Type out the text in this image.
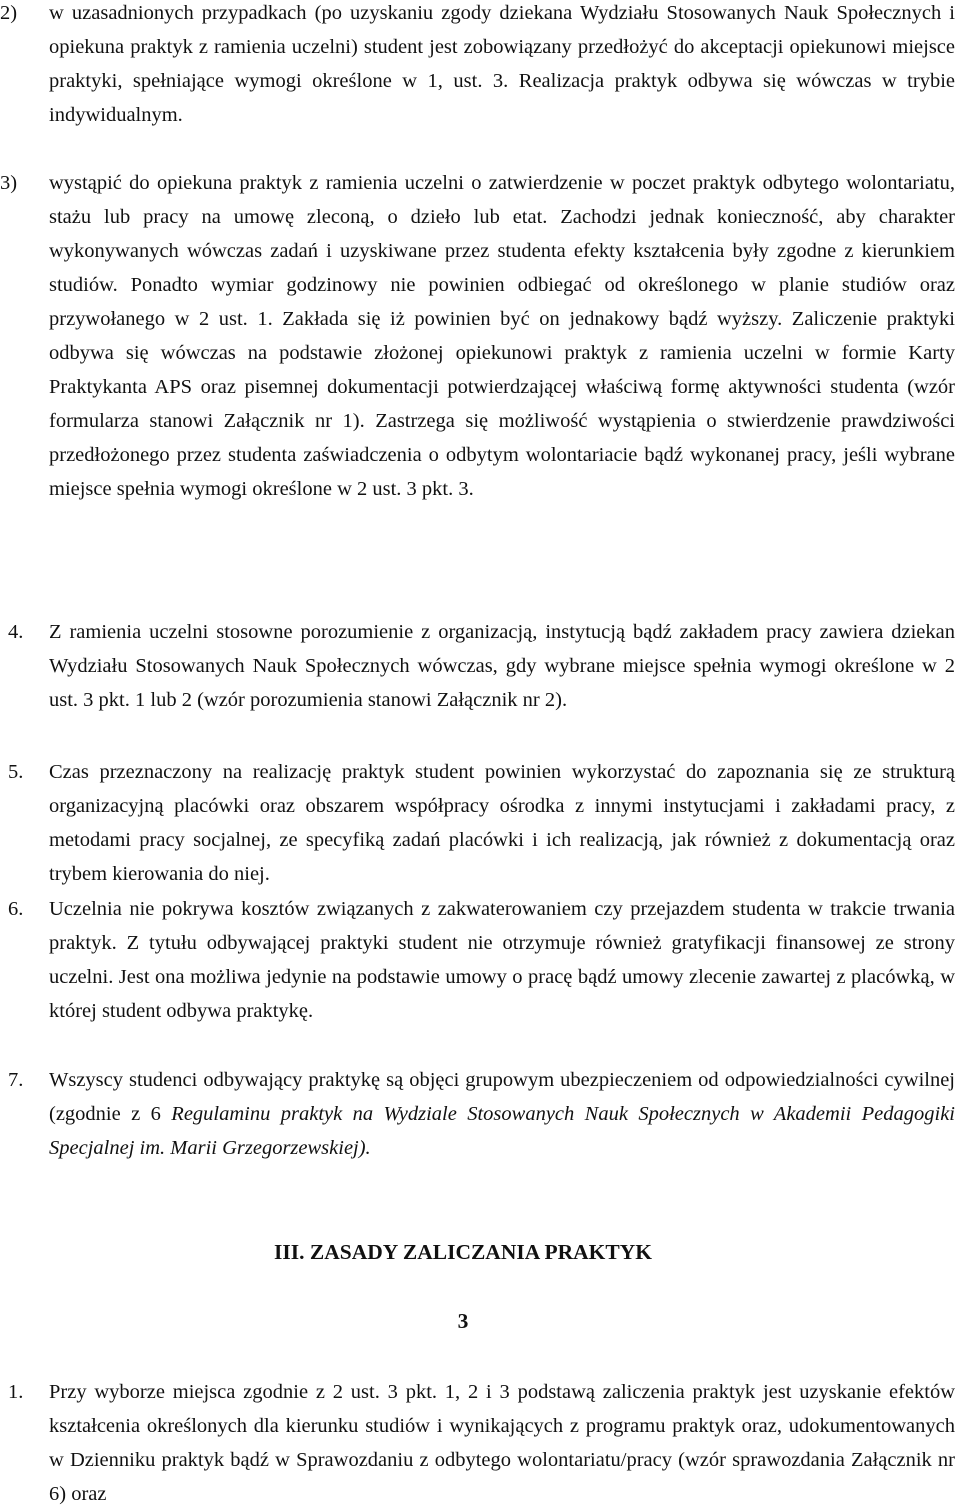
2) w uzasadnionych przypadkach (po uzyskaniu zgody dziekana Wydziału Stosowanych Nauk Społecznych i opiekuna praktyk z ramienia uczelni) student jest zobowiązany przedłożyć do akceptacji opiekunowi miejsce praktyki, spełniające wymogi określone w 1, ust. 3. Realizacja praktyk odbywa się wówczas w trybie indywidualnym.
3) wystąpić do opiekuna praktyk z ramienia uczelni o zatwierdzenie w poczet praktyk odbytego wolontariatu, stażu lub pracy na umowę zleconą, o dzieło lub etat. Zachodzi jednak konieczność, aby charakter wykonywanych wówczas zadań i uzyskiwane przez studenta efekty kształcenia były zgodne z kierunkiem studiów. Ponadto wymiar godzinowy nie powinien odbiegać od określonego w planie studiów oraz przywołanego w 2 ust. 1. Zakłada się iż powinien być on jednakowy bądź wyższy. Zaliczenie praktyki odbywa się wówczas na podstawie złożonej opiekunowi praktyk z ramienia uczelni w formie Karty Praktykanta APS oraz pisemnej dokumentacji potwierdzającej właściwą formę aktywności studenta (wzór formularza stanowi Załącznik nr 1). Zastrzega się możliwość wystąpienia o stwierdzenie prawdziwości przedłożonego przez studenta zaświadczenia o odbytym wolontariacie bądź wykonanej pracy, jeśli wybrane miejsce spełnia wymogi określone w 2 ust. 3 pkt. 3.
4. Z ramienia uczelni stosowne porozumienie z organizacją, instytucją bądź zakładem pracy zawiera dziekan Wydziału Stosowanych Nauk Społecznych wówczas, gdy wybrane miejsce spełnia wymogi określone w 2 ust. 3 pkt. 1 lub 2 (wzór porozumienia stanowi Załącznik nr 2).
5. Czas przeznaczony na realizację praktyk student powinien wykorzystać do zapoznania się ze strukturą organizacyjną placówki oraz obszarem współpracy ośrodka z innymi instytucjami i zakładami pracy, z metodami pracy socjalnej, ze specyfiką zadań placówki i ich realizacją, jak również z dokumentacją oraz trybem kierowania do niej.
6. Uczelnia nie pokrywa kosztów związanych z zakwaterowaniem czy przejazdem studenta w trakcie trwania praktyk. Z tytułu odbywającej praktyki student nie otrzymuje również gratyfikacji finansowej ze strony uczelni. Jest ona możliwa jedynie na podstawie umowy o pracę bądź umowy zlecenie zawartej z placówką, w której student odbywa praktykę.
7. Wszyscy studenci odbywający praktykę są objęci grupowym ubezpieczeniem od odpowiedzialności cywilnej (zgodnie z 6 Regulaminu praktyk na Wydziale Stosowanych Nauk Społecznych w Akademii Pedagogiki Specjalnej im. Marii Grzegorzewskiej).
III. ZASADY ZALICZANIA PRAKTYK
3
1. Przy wyborze miejsca zgodnie z 2 ust. 3 pkt. 1, 2 i 3 podstawą zaliczenia praktyk jest uzyskanie efektów kształcenia określonych dla kierunku studiów i wynikających z programu praktyk oraz, udokumentowanych w Dzienniku praktyk bądź w Sprawozdaniu z odbytego wolontariatu/pracy (wzór sprawozdania Załącznik nr 6) oraz
